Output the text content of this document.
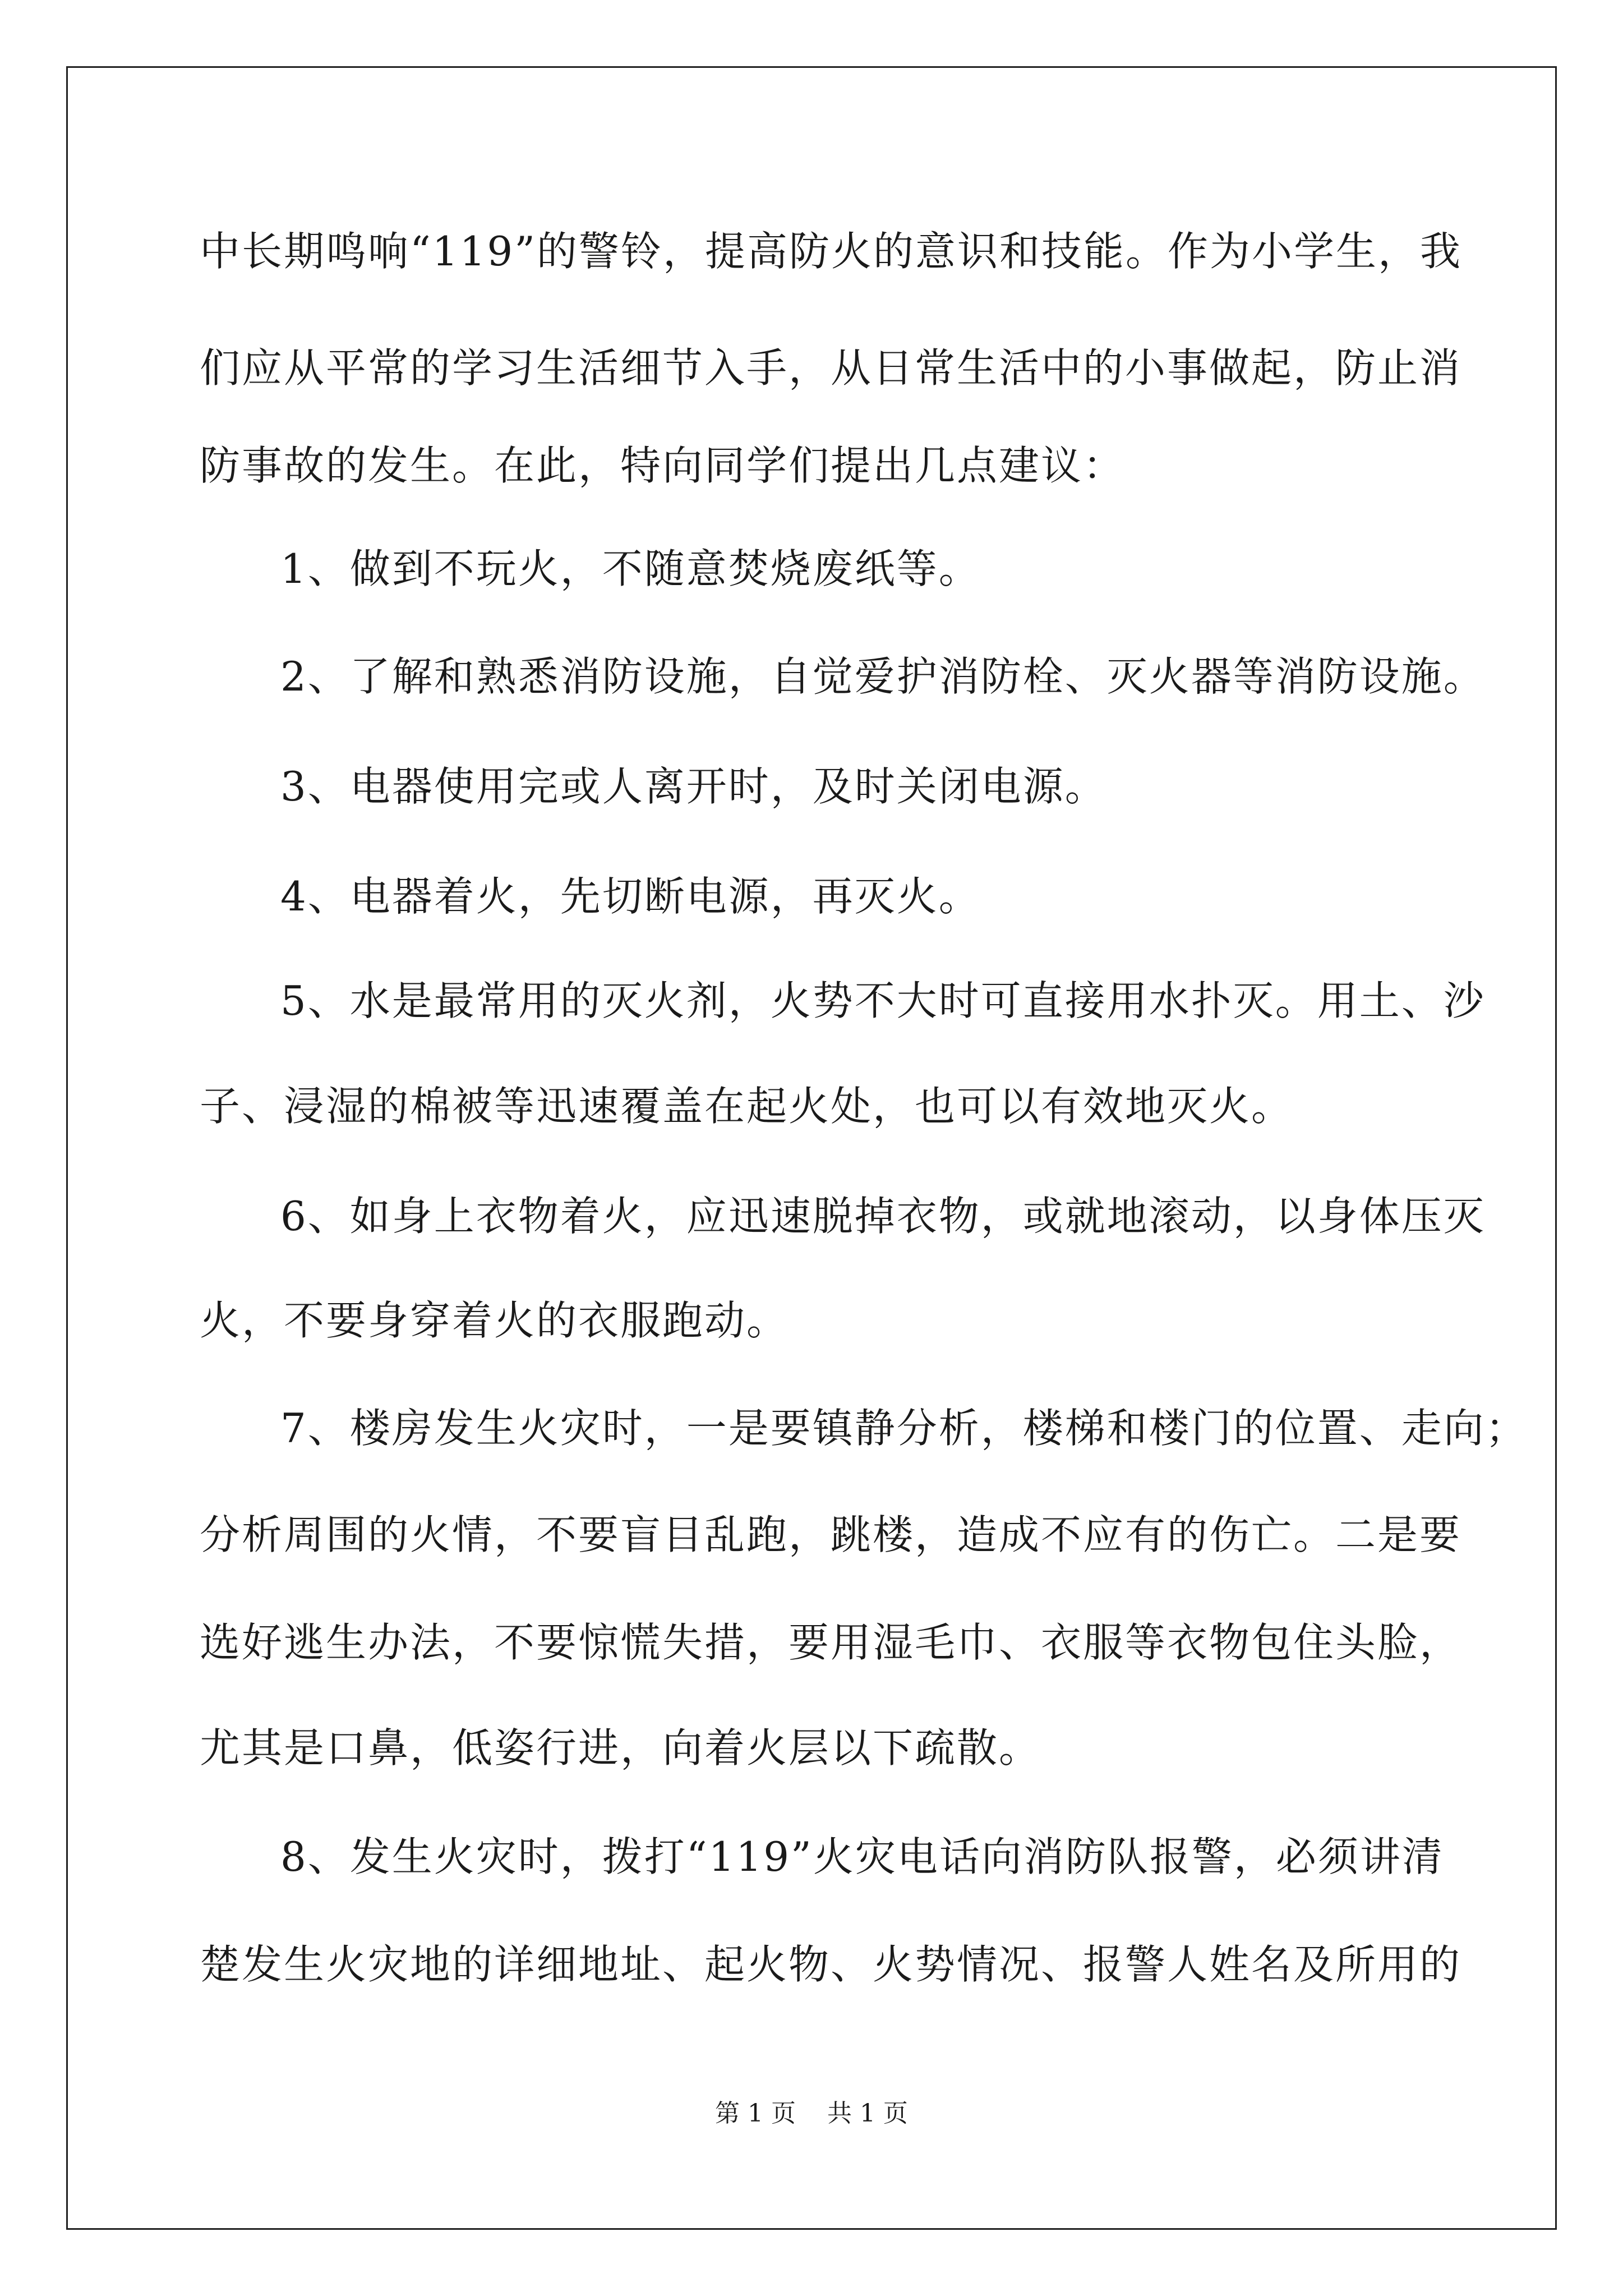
中长期鸣响“119”的警铃，提高防火的意识和技能。作为小学生，我
们应从平常的学习生活细节入手，从日常生活中的小事做起，防止消
防事故的发生。在此，特向同学们提出几点建议：
1、做到不玩火，不随意焚烧废纸等。
2、了解和熟悉消防设施，自觉爱护消防栓、灭火器等消防设施。
3、电器使用完或人离开时，及时关闭电源。
4、电器着火，先切断电源，再灭火。
5、水是最常用的灭火剂，火势不大时可直接用水扑灭。用土、沙
子、浸湿的棉被等迅速覆盖在起火处，也可以有效地灭火。
6、如身上衣物着火，应迅速脱掉衣物，或就地滚动，以身体压灭
火，不要身穿着火的衣服跑动。
7、楼房发生火灾时，一是要镇静分析，楼梯和楼门的位置、走向；
分析周围的火情，不要盲目乱跑，跳楼，造成不应有的伤亡。二是要
选好逃生办法，不要惊慌失措，要用湿毛巾、衣服等衣物包住头脸，
尤其是口鼻，低姿行进，向着火层以下疏散。
8、发生火灾时，拨打“119”火灾电话向消防队报警，必须讲清
楚发生火灾地的详细地址、起火物、火势情况、报警人姓名及所用的
第 1 页    共 1 页
